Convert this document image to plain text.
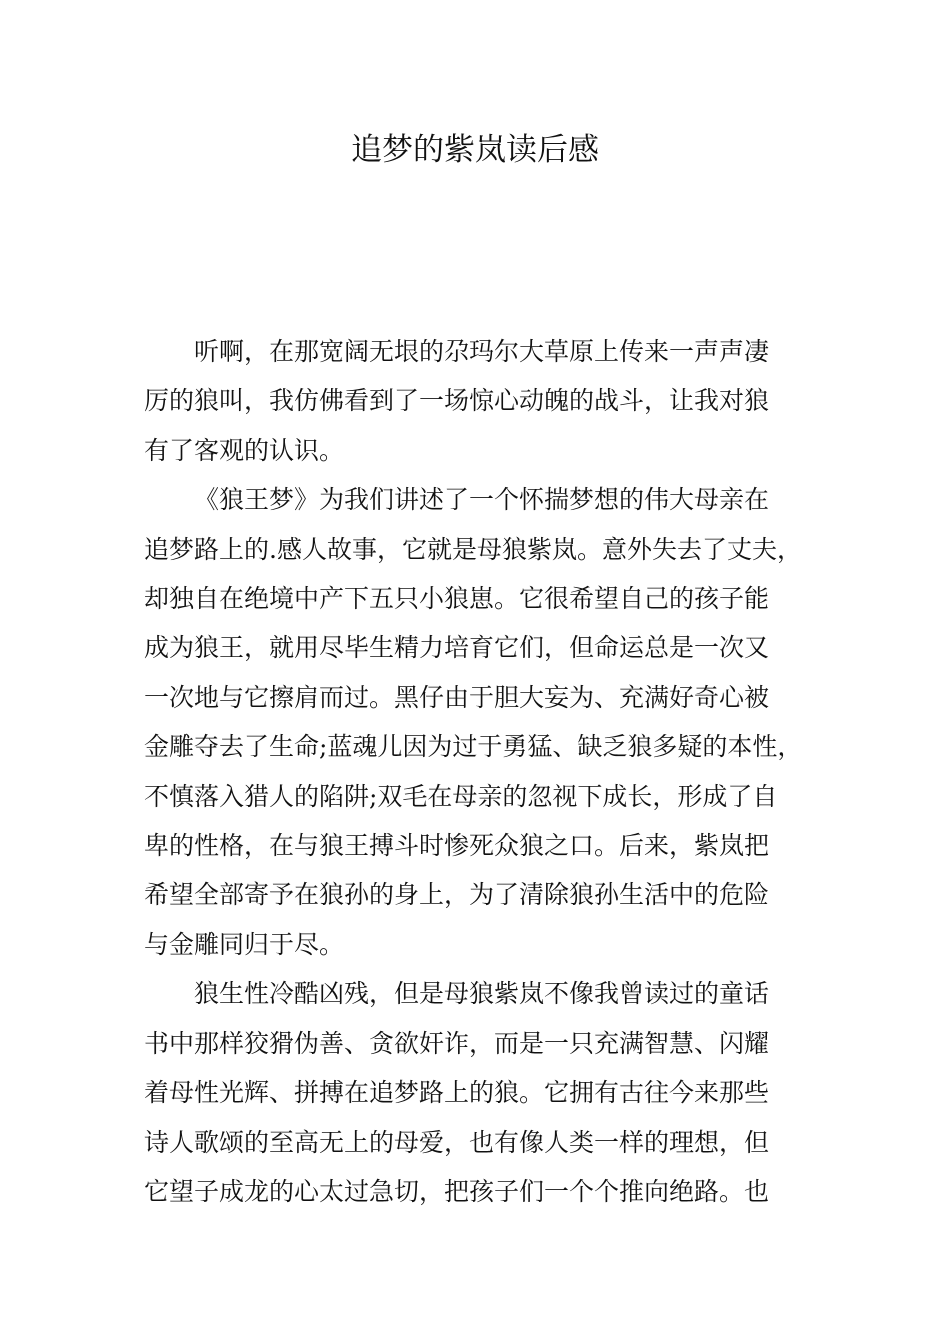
追梦的紫岚读后感

听啊，在那宽阔无垠的尕玛尔大草原上传来一声声凄
厉的狼叫，我仿佛看到了一场惊心动魄的战斗，让我对狼
有了客观的认识。

《狼王梦》为我们讲述了一个怀揣梦想的伟大母亲在
追梦路上的.感人故事，它就是母狼紫岚。意外失去了丈夫，
却独自在绝境中产下五只小狼崽。它很希望自己的孩子能
成为狼王，就用尽毕生精力培育它们，但命运总是一次又
一次地与它擦肩而过。黑仔由于胆大妄为、充满好奇心被
金雕夺去了生命;蓝魂儿因为过于勇猛、缺乏狼多疑的本性，
不慎落入猎人的陷阱;双毛在母亲的忽视下成长，形成了自
卑的性格，在与狼王搏斗时惨死众狼之口。后来，紫岚把
希望全部寄予在狼孙的身上，为了清除狼孙生活中的危险
与金雕同归于尽。

狼生性冷酷凶残，但是母狼紫岚不像我曾读过的童话
书中那样狡猾伪善、贪欲奸诈，而是一只充满智慧、闪耀
着母性光辉、拼搏在追梦路上的狼。它拥有古往今来那些
诗人歌颂的至高无上的母爱，也有像人类一样的理想，但
它望子成龙的心太过急切，把孩子们一个个推向绝路。也
